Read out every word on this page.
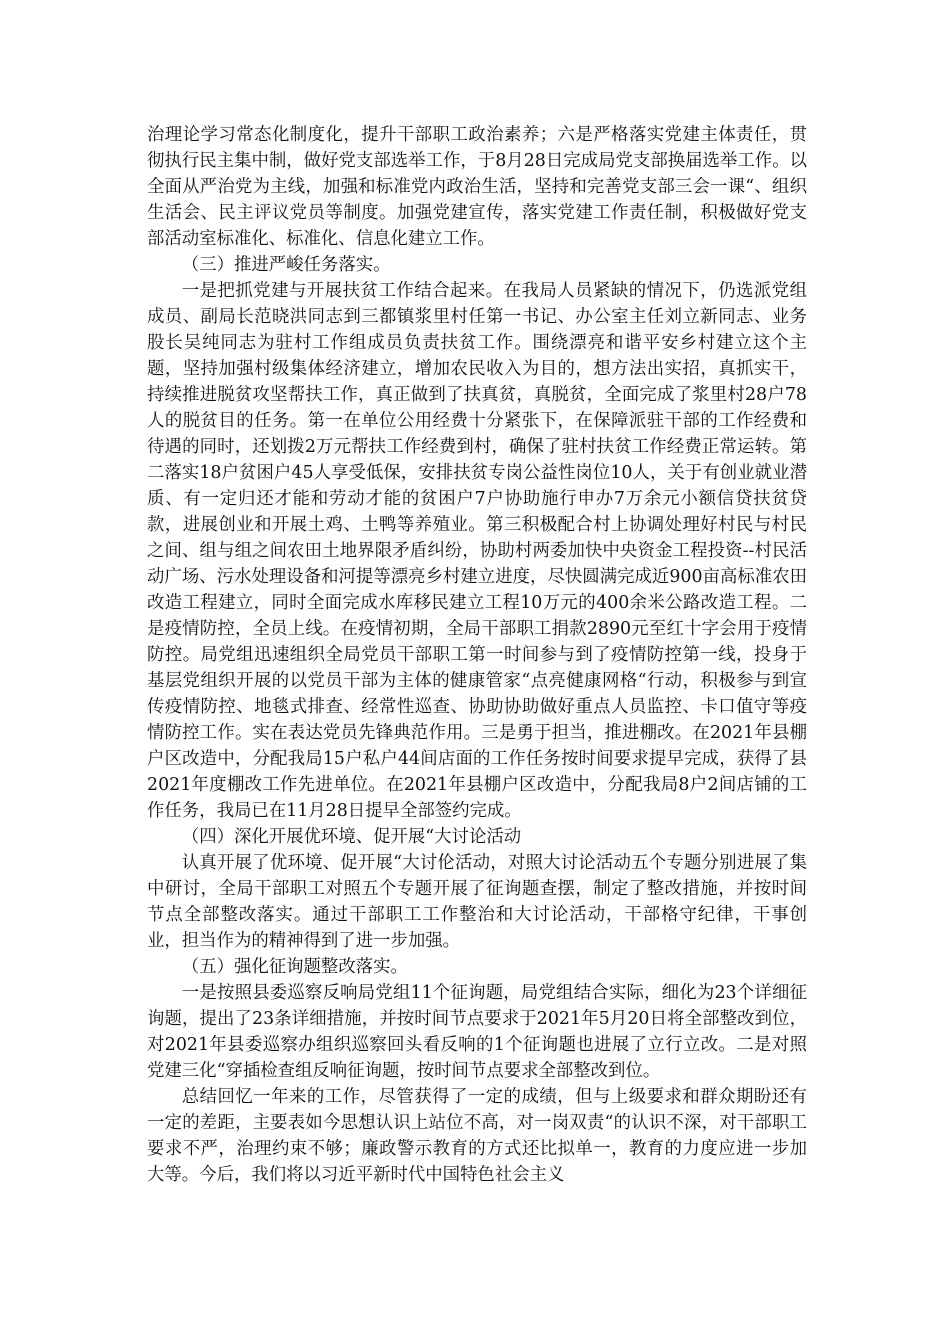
治理论学习常态化制度化，提升干部职工政治素养；六是严格落实党建主体责任，贯彻执行民主集中制，做好党支部选举工作，于8月28日完成局党支部换届选举工作。以全面从严治党为主线，加强和标准党内政治生活，坚持和完善党支部三会一课“、组织生活会、民主评议党员等制度。加强党建宣传，落实党建工作责任制，积极做好党支部活动室标准化、标准化、信息化建立工作。

（三）推进严峻任务落实。

一是把抓党建与开展扶贫工作结合起来。在我局人员紧缺的情况下，仍选派党组成员、副局长范晓洪同志到三都镇浆里村任第一书记、办公室主任刘立新同志、业务股长吴纯同志为驻村工作组成员负责扶贫工作。围绕漂亮和谐平安乡村建立这个主题，坚持加强村级集体经济建立，增加农民收入为目的，想方法出实招，真抓实干，持续推进脱贫攻坚帮扶工作，真正做到了扶真贫，真脱贫，全面完成了浆里村28户78人的脱贫目的任务。第一在单位公用经费十分紧张下，在保障派驻干部的工作经费和待遇的同时，还划拨2万元帮扶工作经费到村，确保了驻村扶贫工作经费正常运转。第二落实18户贫困户45人享受低保，安排扶贫专岗公益性岗位10人，关于有创业就业潜质、有一定归还才能和劳动才能的贫困户7户协助施行申办7万余元小额信贷扶贫贷款，进展创业和开展土鸡、土鸭等养殖业。第三积极配合村上协调处理好村民与村民之间、组与组之间农田土地界限矛盾纠纷，协助村两委加快中央资金工程投资--村民活动广场、污水处理设备和河提等漂亮乡村建立进度，尽快圆满完成近900亩高标准农田改造工程建立，同时全面完成水库移民建立工程10万元的400余米公路改造工程。二是疫情防控，全员上线。在疫情初期，全局干部职工捐款2890元至红十字会用于疫情防控。局党组迅速组织全局党员干部职工第一时间参与到了疫情防控第一线，投身于基层党组织开展的以党员干部为主体的健康管家“点亮健康网格“行动，积极参与到宣传疫情防控、地毯式排查、经常性巡查、协助协助做好重点人员监控、卡口值守等疫情防控工作。实在表达党员先锋典范作用。三是勇于担当，推进棚改。在2021年县棚户区改造中，分配我局15户私户44间店面的工作任务按时间要求提早完成，获得了县2021年度棚改工作先进单位。在2021年县棚户区改造中，分配我局8户2间店铺的工作任务，我局已在11月28日提早全部签约完成。

（四）深化开展优环境、促开展“大讨论活动

认真开展了优环境、促开展“大讨伦活动，对照大讨论活动五个专题分别进展了集中研讨，全局干部职工对照五个专题开展了征询题查摆，制定了整改措施，并按时间节点全部整改落实。通过干部职工工作整治和大讨论活动，干部格守纪律，干事创业，担当作为的精神得到了进一步加强。

（五）强化征询题整改落实。

一是按照县委巡察反响局党组11个征询题，局党组结合实际，细化为23个详细征询题，提出了23条详细措施，并按时间节点要求于2021年5月20日将全部整改到位，对2021年县委巡察办组织巡察回头看反响的1个征询题也进展了立行立改。二是对照党建三化“穿插检查组反响征询题，按时间节点要求全部整改到位。

总结回忆一年来的工作，尽管获得了一定的成绩，但与上级要求和群众期盼还有一定的差距，主要表如今思想认识上站位不高，对一岗双责“的认识不深，对干部职工要求不严，治理约束不够；廉政警示教育的方式还比拟单一，教育的力度应进一步加大等。今后，我们将以习近平新时代中国特色社会主义
